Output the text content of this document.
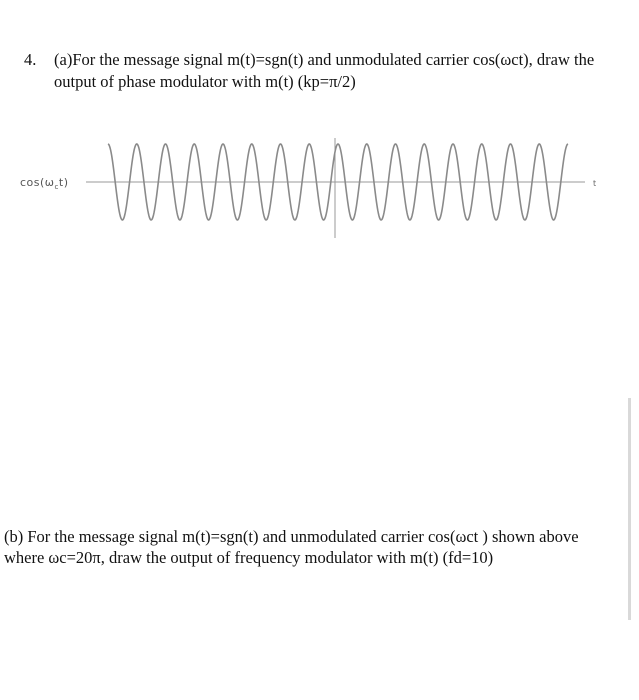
4. (a)For the message signal m(t)=sgn(t) and unmodulated carrier cos(ωct), draw the
output of phase modulator with m(t) (kp=π/2)
$\cos(\omega_ct)$	t
(b) For the message signal m(t)=sgn(t) and unmodulated carrier cos(ωct ) shown above
where ωc=20π, draw the output of frequency modulator with m(t) (fd=10)
